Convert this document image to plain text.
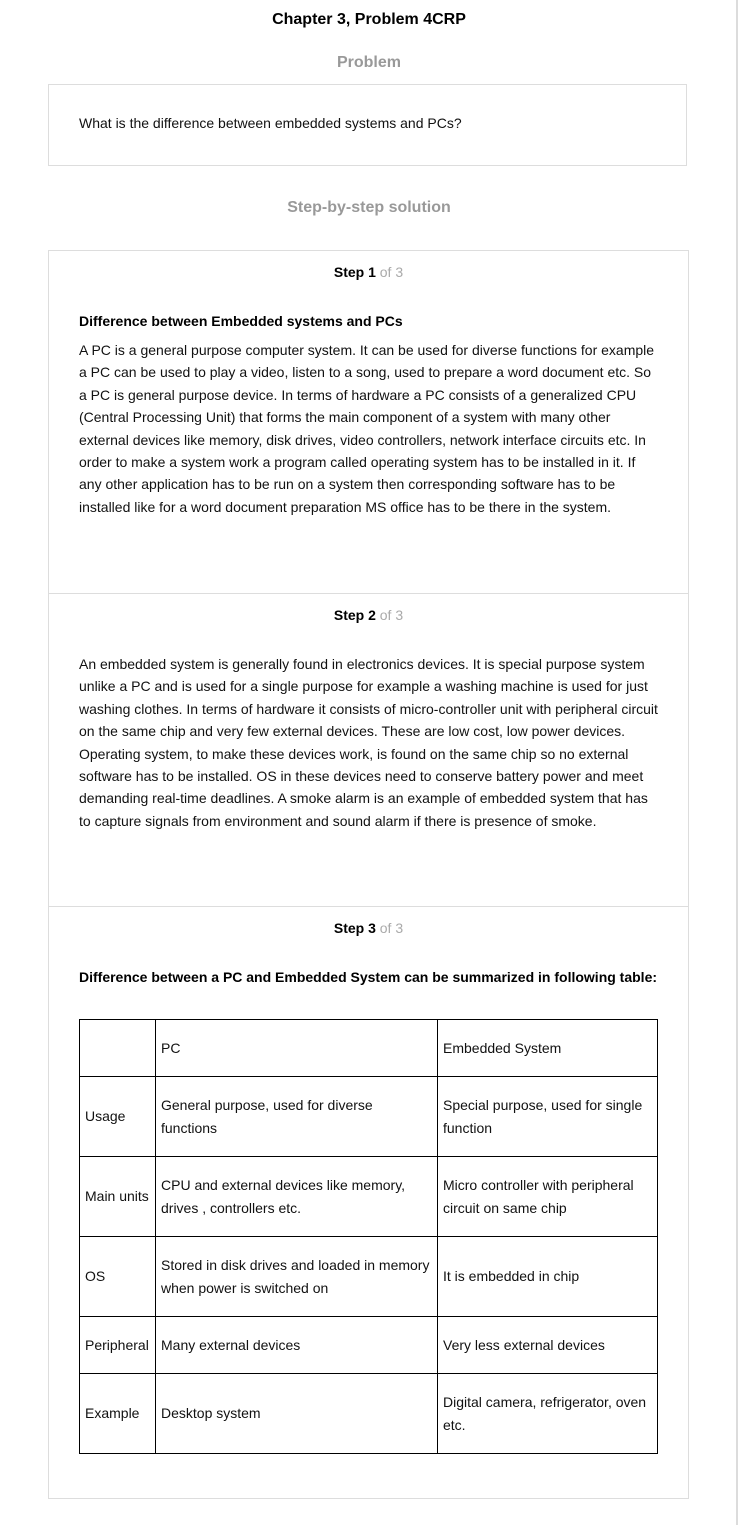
Chapter 3, Problem 4CRP
Problem
What is the difference between embedded systems and PCs?
Step-by-step solution
Step 1 of 3
Difference between Embedded systems and PCs
A PC is a general purpose computer system. It can be used for diverse functions for example a PC can be used to play a video, listen to a song, used to prepare a word document etc. So a PC is general purpose device. In terms of hardware a PC consists of a generalized CPU (Central Processing Unit) that forms the main component of a system with many other external devices like memory, disk drives, video controllers, network interface circuits etc. In order to make a system work a program called operating system has to be installed in it. If any other application has to be run on a system then corresponding software has to be installed like for a word document preparation MS office has to be there in the system.
Step 2 of 3
An embedded system is generally found in electronics devices. It is special purpose system unlike a PC and is used for a single purpose for example a washing machine is used for just washing clothes. In terms of hardware it consists of micro-controller unit with peripheral circuit on the same chip and very few external devices. These are low cost, low power devices. Operating system, to make these devices work, is found on the same chip so no external software has to be installed. OS in these devices need to conserve battery power and meet demanding real-time deadlines. A smoke alarm is an example of embedded system that has to capture signals from environment and sound alarm if there is presence of smoke.
Step 3 of 3
Difference between a PC and Embedded System can be summarized in following table:
	PC	Embedded System
Usage	General purpose, used for diverse functions	Special purpose, used for single function
Main units	CPU and external devices like memory, drives , controllers etc.	Micro controller with peripheral circuit on same chip
OS	Stored in disk drives and loaded in memory when power is switched on	It is embedded in chip
Peripheral	Many external devices	Very less external devices
Example	Desktop system	Digital camera, refrigerator, oven etc.
